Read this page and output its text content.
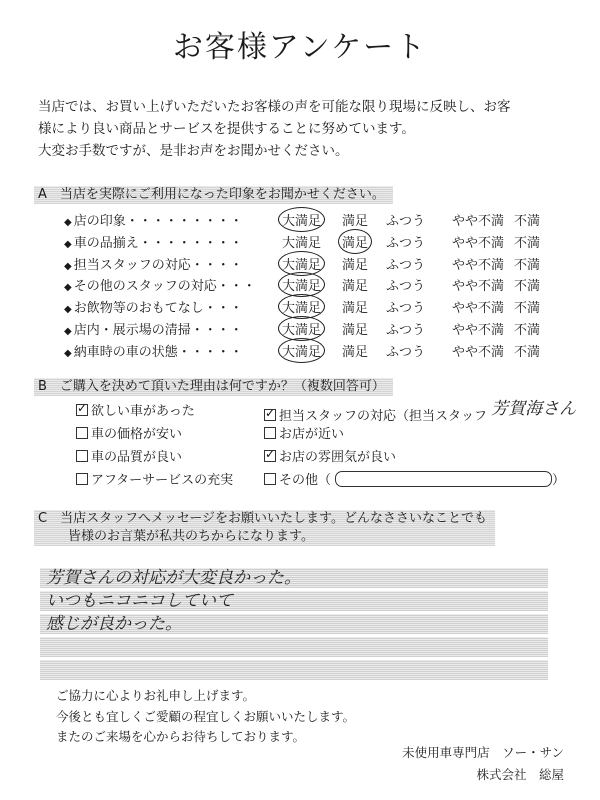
お客様アンケート

当店では、お買い上げいただいたお客様の声を可能な限り現場に反映し、お客

様により良い商品とサービスを提供することに努めています。

大変お手数ですが、是非お声をお聞かせください。

A　当店を実際にご利用になった印象をお聞かせください。
◆ 店の印象・・・・・・・・・	大満足 満足 ふつう やや不満 不満
◆ 車の品揃え・・・・・・・・	大満足 満足 ふつう やや不満 不満
◆ 担当スタッフの対応・・・・	大満足 満足 ふつう やや不満 不満
◆ その他のスタッフの対応・・・ 大満足 満足 ふつう やや不満 不満
◆ お飲物等のおもてなし・・・	大満足 満足 ふつう やや不満 不満
◆ 店内・展示場の清掃・・・・	大満足 満足 ふつう やや不満 不満
◆ 納車時の車の状態・・・・・	大満足 満足 ふつう やや不満 不満
B　ご購入を決めて頂いた理由は何ですか？（複数回答可）
✓欲しい車があった ✓	担当スタッフの対応（担当スタッフ 芳賀海さん
車の価格が安い	お店が近い
車の品質が良い ✓	お店の雰囲気が良い
アフターサービスの充実	その他（	）
C　当店スタッフへメッセージをお願いいたします。どんなささいなことでも
皆様のお言葉が私共のちからになります。
芳賀さんの対応が大変良かった。
いつもニコニコしていて
感じが良かった。

ご協力に心よりお礼申し上げます。

今後とも宜しくご愛顧の程宜しくお願いいたします。

またのご来場を心からお待ちしております。

未使用車専門店　ソー・サン

株式会社　総屋
